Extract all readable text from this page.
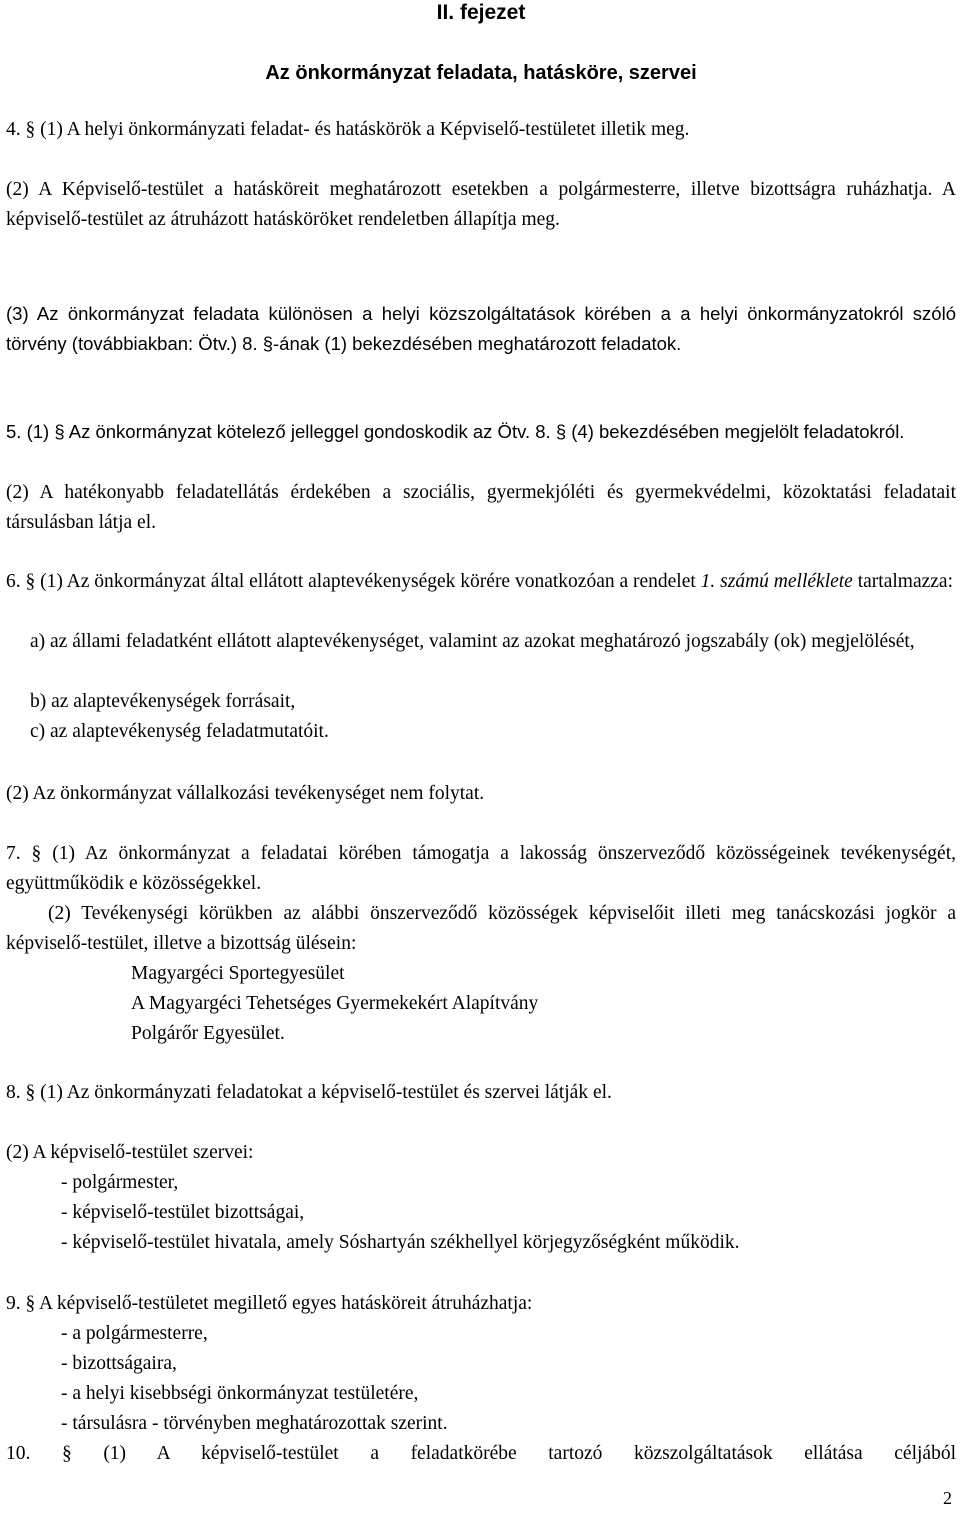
II. fejezet
Az önkormányzat feladata, hatásköre, szervei
4. § (1) A helyi önkormányzati feladat- és hatáskörök a Képviselő-testületet illetik meg.
(2) A Képviselő-testület a hatásköreit meghatározott esetekben a polgármesterre, illetve bizottságra ruházhatja. A képviselő-testület az átruházott hatásköröket rendeletben állapítja meg.
(3) Az önkormányzat feladata különösen a helyi közszolgáltatások körében a a helyi önkormányzatokról szóló törvény (továbbiakban: Ötv.) 8. §-ának (1) bekezdésében meghatározott feladatok.
5. (1) § Az önkormányzat kötelező jelleggel gondoskodik az Ötv. 8. § (4) bekezdésében megjelölt feladatokról.
(2) A hatékonyabb feladatellátás érdekében a szociális, gyermekjóléti és gyermekvédelmi, közoktatási feladatait társulásban látja el.
6. § (1) Az önkormányzat által ellátott alaptevékenységek körére vonatkozóan a rendelet 1. számú melléklete tartalmazza:
a) az állami feladatként ellátott alaptevékenységet, valamint az azokat meghatározó jogszabály (ok) megjelölését,
b) az alaptevékenységek forrásait,
c) az alaptevékenység feladatmutatóit.
(2) Az önkormányzat vállalkozási tevékenységet nem folytat.
7. § (1) Az önkormányzat a feladatai körében támogatja a lakosság önszerveződő közösségeinek tevékenységét, együttműködik e közösségekkel.
(2) Tevékenységi körükben az alábbi önszerveződő közösségek képviselőit illeti meg tanácskozási jogkör a képviselő-testület, illetve a bizottság ülésein:
Magyargéci Sportegyesület
A Magyargéci Tehetséges Gyermekekért Alapítvány
Polgárőr Egyesület.
8. § (1) Az önkormányzati feladatokat a képviselő-testület és szervei látják el.
(2) A képviselő-testület szervei:
- polgármester,
- képviselő-testület bizottságai,
- képviselő-testület hivatala, amely Sóshartyán székhellyel körjegyzőségként működik.
9. § A képviselő-testületet megillető egyes hatásköreit átruházhatja:
- a polgármesterre,
- bizottságaira,
- a helyi kisebbségi önkormányzat testületére,
- társulásra - törvényben meghatározottak szerint.
10. § (1) A képviselő-testület a feladatkörébe tartozó közszolgáltatások ellátása céljából
2
